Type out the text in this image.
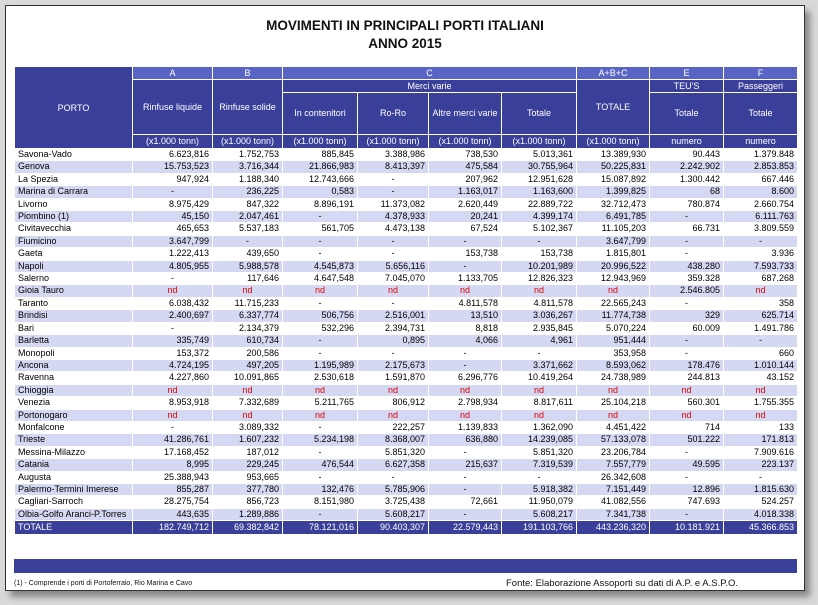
MOVIMENTI IN PRINCIPALI PORTI ITALIANI
ANNO 2015
PORTO	A	B	C				A+B+C	E	F
	Rinfuse liquide	Rinfuse solide	Merci varie				TOTALE	TEU'S	Passeggeri
			In contenitori	Ro-Ro	Altre merci varie	Totale		Totale	Totale
	(x1.000 tonn)	(x1.000 tonn)	(x1.000 tonn)	(x1.000 tonn)	(x1.000 tonn)	(x1.000 tonn)	(x1.000 tonn)	numero	numero
Savona-Vado	6.623,816	1.752,753	885,845	3.388,986	738,530	5.013,361	13.389,930	90.443	1.379.848
Genova	15.753,523	3.716,344	21.866,983	8.413,397	475,584	30.755,964	50.225,831	2.242.902	2.853.853
La Spezia	947,924	1.188,340	12.743,666	-	207,962	12.951,628	15.087,892	1.300.442	667.446
Marina di Carrara	-	236,225	0,583	-	1.163,017	1.163,600	1.399,825	68	8.600
Livorno	8.975,429	847,322	8.896,191	11.373,082	2.620,449	22.889,722	32.712,473	780.874	2.660.754
Piombino (1)	45,150	2.047,461	-	4.378,933	20,241	4.399,174	6.491,785	-	6.111.763
Civitavecchia	465,653	5.537,183	561,705	4.473,138	67,524	5.102,367	11.105,203	66.731	3.809.559
Fiumicino	3.647,799	-	-	-	-	-	3.647,799	-	-
Gaeta	1.222,413	439,650	-	-	153,738	153,738	1.815,801	-	3.936
Napoli	4.805,955	5.988,578	4.545,873	5.656,116	-	10.201,989	20.996,522	438.280	7.593.733
Salerno	-	117,646	4.647,548	7.045,070	1.133,705	12.826,323	12.943,969	359.328	687.268
Gioia Tauro	nd	nd	nd	nd	nd	nd	nd	2.546.805	nd
Taranto	6.038,432	11.715,233	-	-	4.811,578	4.811,578	22.565,243	-	358
Brindisi	2.400,697	6.337,774	506,756	2.516,001	13,510	3.036,267	11.774,738	329	625.714
Bari	-	2.134,379	532,296	2.394,731	8,818	2.935,845	5.070,224	60.009	1.491.786
Barletta	335,749	610,734	-	0,895	4,066	4,961	951,444	-	-
Monopoli	153,372	200,586	-	-	-	-	353,958	-	660
Ancona	4.724,195	497,205	1.195,989	2.175,673	-	3.371,662	8.593,062	178.476	1.010.144
Ravenna	4.227,860	10.091,865	2.530,618	1.591,870	6.296,776	10.419,264	24.738,989	244.813	43.152
Chioggia	nd	nd	nd	nd	nd	nd	nd	nd	nd
Venezia	8.953,918	7.332,689	5.211,765	806,912	2.798,934	8.817,611	25.104,218	560.301	1.755.355
Portonogaro	nd	nd	nd	nd	nd	nd	nd	nd	nd
Monfalcone	-	3.089,332	-	222,257	1.139,833	1.362,090	4.451,422	714	133
Trieste	41.286,761	1.607,232	5.234,198	8.368,007	636,880	14.239,085	57.133,078	501.222	171.813
Messina-Milazzo	17.168,452	187,012	-	5.851,320	-	5.851,320	23.206,784	-	7.909.616
Catania	8,995	229,245	476,544	6.627,358	215,637	7.319,539	7.557,779	49.595	223.137
Augusta	25.388,943	953,665	-	-	-	-	26.342,608	-	-
Palermo-Termini Imerese	855,287	377,780	132,476	5.785,906	-	5.918,382	7.151,449	12.896	1.815.630
Cagliari-Sarroch	28.275,754	856,723	8.151,980	3.725,438	72,661	11.950,079	41.082,556	747.693	524.257
Olbia-Golfo Aranci-P.Torres	443,635	1.289,886	-	5.608,217	-	5.608,217	7.341,738	-	4.018.338
TOTALE	182.749,712	69.382,842	78.121,016	90.403,307	22.579,443	191.103,766	443.236,320	10.181.921	45.366.853
(1) - Comprende i porti di Portoferraio, Rio Marina e Cavo	Fonte: Elaborazione Assoporti su dati di A.P. e A.S.P.O.
